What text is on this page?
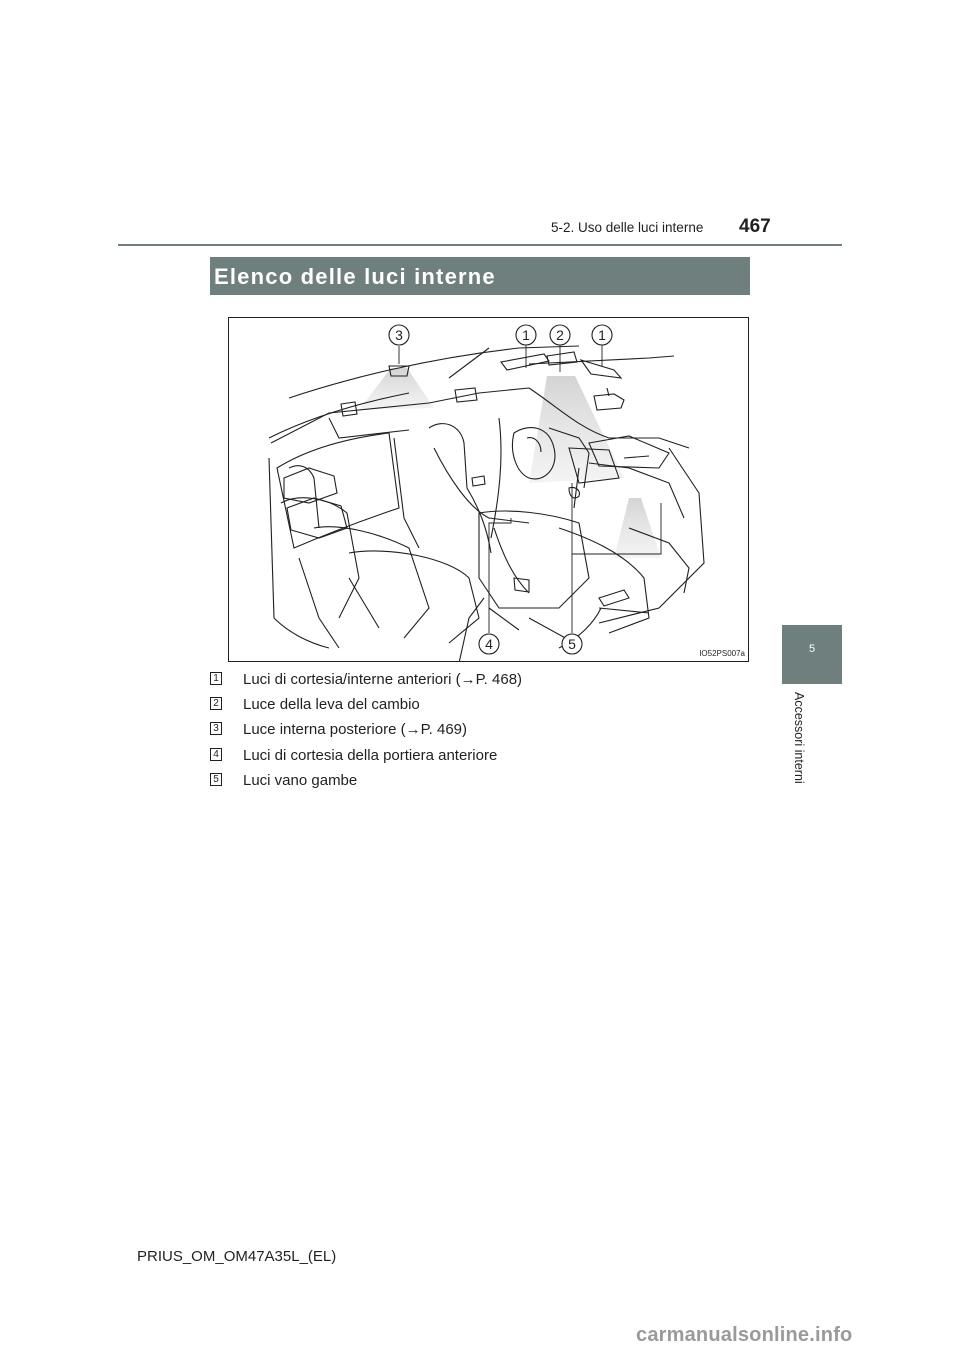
467
5-2. Uso delle luci interne
Elenco delle luci interne
5
Accessori interni
3	1 2 1
4	5
IO52PS007a
1 Luci di cortesia/interne anteriori (→P. 468)
2 Luce della leva del cambio
3 Luce interna posteriore (→P. 469)
4 Luci di cortesia della portiera anteriore
5 Luci vano gambe
PRIUS_OM_OM47A35L_(EL)
carmanualsonline.info
